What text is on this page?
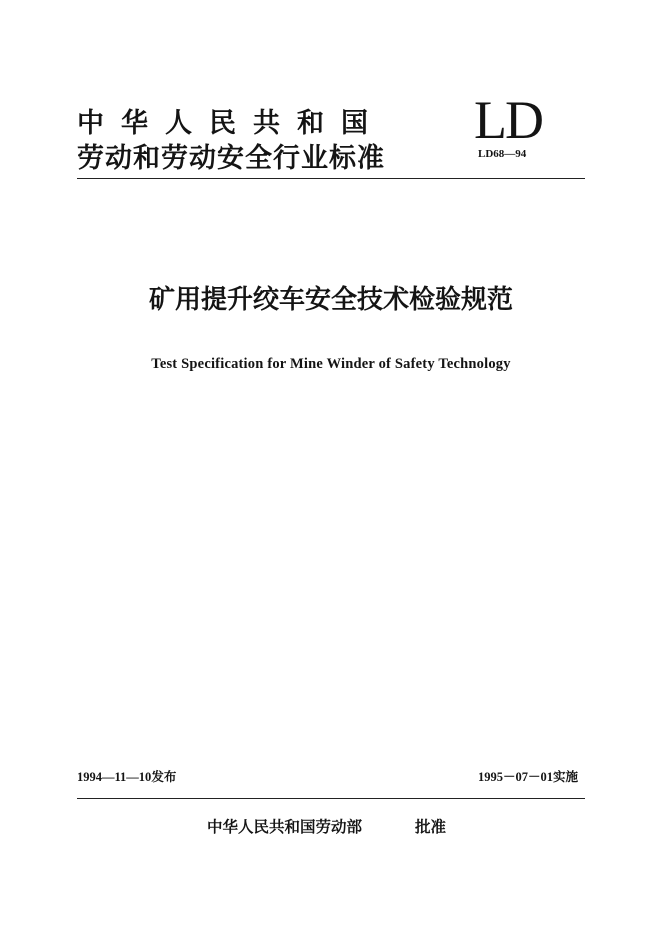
中华人民共和国
劳动和劳动安全行业标准
LD
LD68—94
矿用提升绞车安全技术检验规范
Test Specification for Mine Winder of Safety Technology
1994—11—10发布	1995－07－01实施
中华人民共和国劳动部	批准
